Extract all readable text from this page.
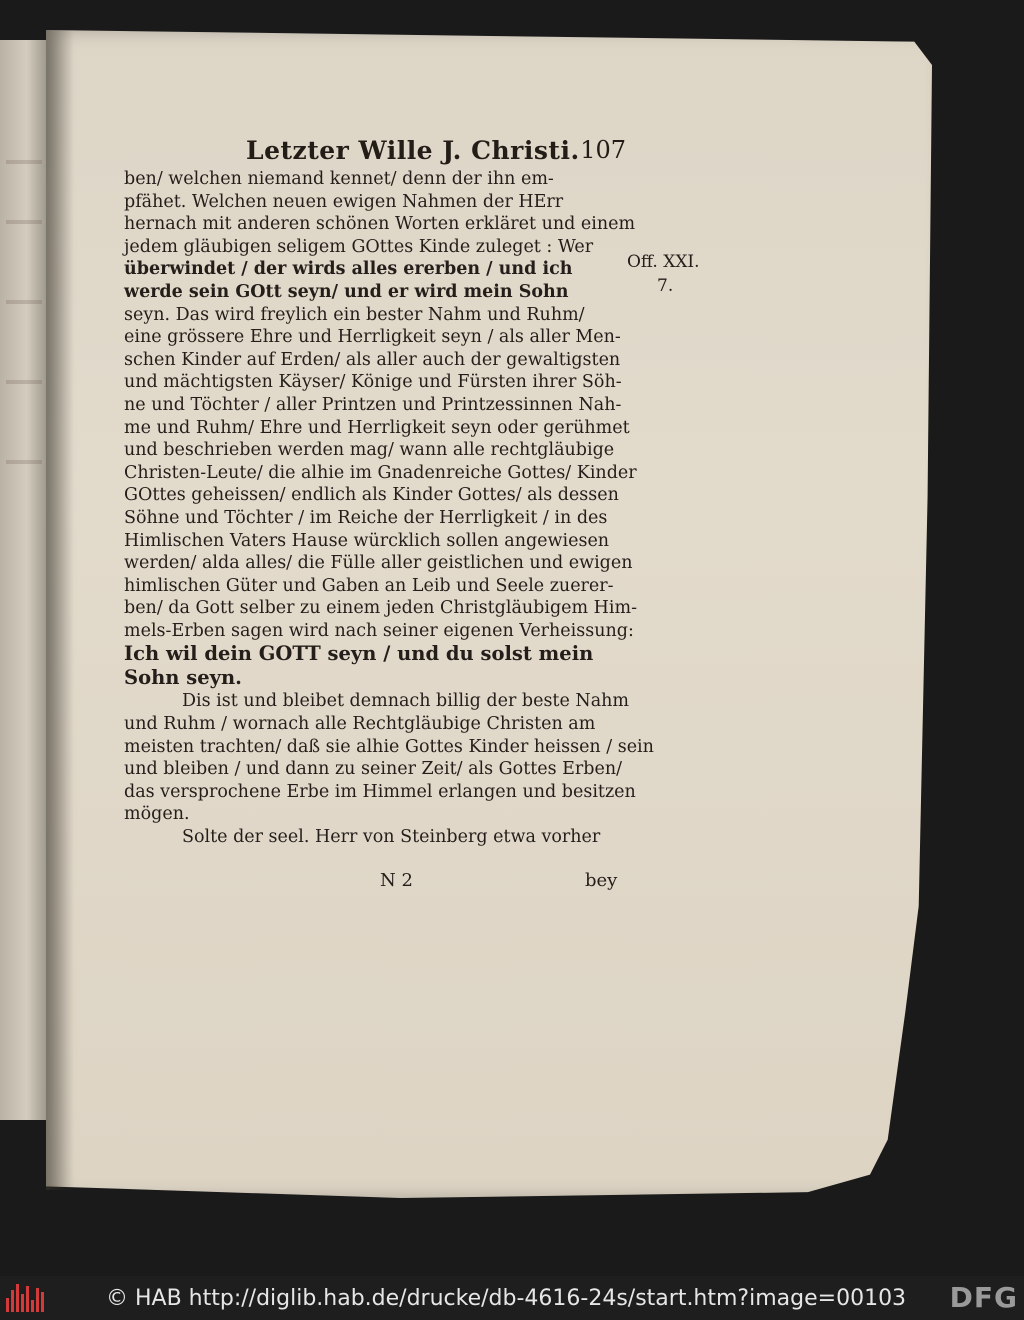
Letzter Wille J. Christi. 107
ben/ welchen niemand kennet/ denn der ihn em-
pfähet. Welchen neuen ewigen Nahmen der HErr
hernach mit anderen schönen Worten erkläret und einem
jedem gläubigen seligem GOttes Kinde zuleget : Wer
überwindet / der wirds alles ererben / und ich
werde sein GOtt seyn/ und er wird mein Sohn
seyn. Das wird freylich ein bester Nahm und Ruhm/
eine grössere Ehre und Herrligkeit seyn / als aller Men-
schen Kinder auf Erden/ als aller auch der gewaltigsten
und mächtigsten Käyser/ Könige und Fürsten ihrer Söh-
ne und Töchter / aller Printzen und Printzessinnen Nah-
me und Ruhm/ Ehre und Herrligkeit seyn oder gerühmet
und beschrieben werden mag/ wann alle rechtgläubige
Christen-Leute/ die alhie im Gnadenreiche Gottes/ Kinder
GOttes geheissen/ endlich als Kinder Gottes/ als dessen
Söhne und Töchter / im Reiche der Herrligkeit / in des
Himlischen Vaters Hause würcklich sollen angewiesen
werden/ alda alles/ die Fülle aller geistlichen und ewigen
himlischen Güter und Gaben an Leib und Seele zuerer-
ben/ da Gott selber zu einem jeden Christgläubigem Him-
mels-Erben sagen wird nach seiner eigenen Verheissung:
Ich wil dein GOTT seyn / und du solst mein
Sohn seyn.
Dis ist und bleibet demnach billig der beste Nahm
und Ruhm / wornach alle Rechtgläubige Christen am
meisten trachten/ daß sie alhie Gottes Kinder heissen / sein
und bleiben / und dann zu seiner Zeit/ als Gottes Erben/
das versprochene Erbe im Himmel erlangen und besitzen
mögen.
Solte der seel. Herr von Steinberg etwa vorher
Off. XXI.
7.
N 2	bey
© HAB http://diglib.hab.de/drucke/db-4616-24s/start.htm?image=00103	DFG
